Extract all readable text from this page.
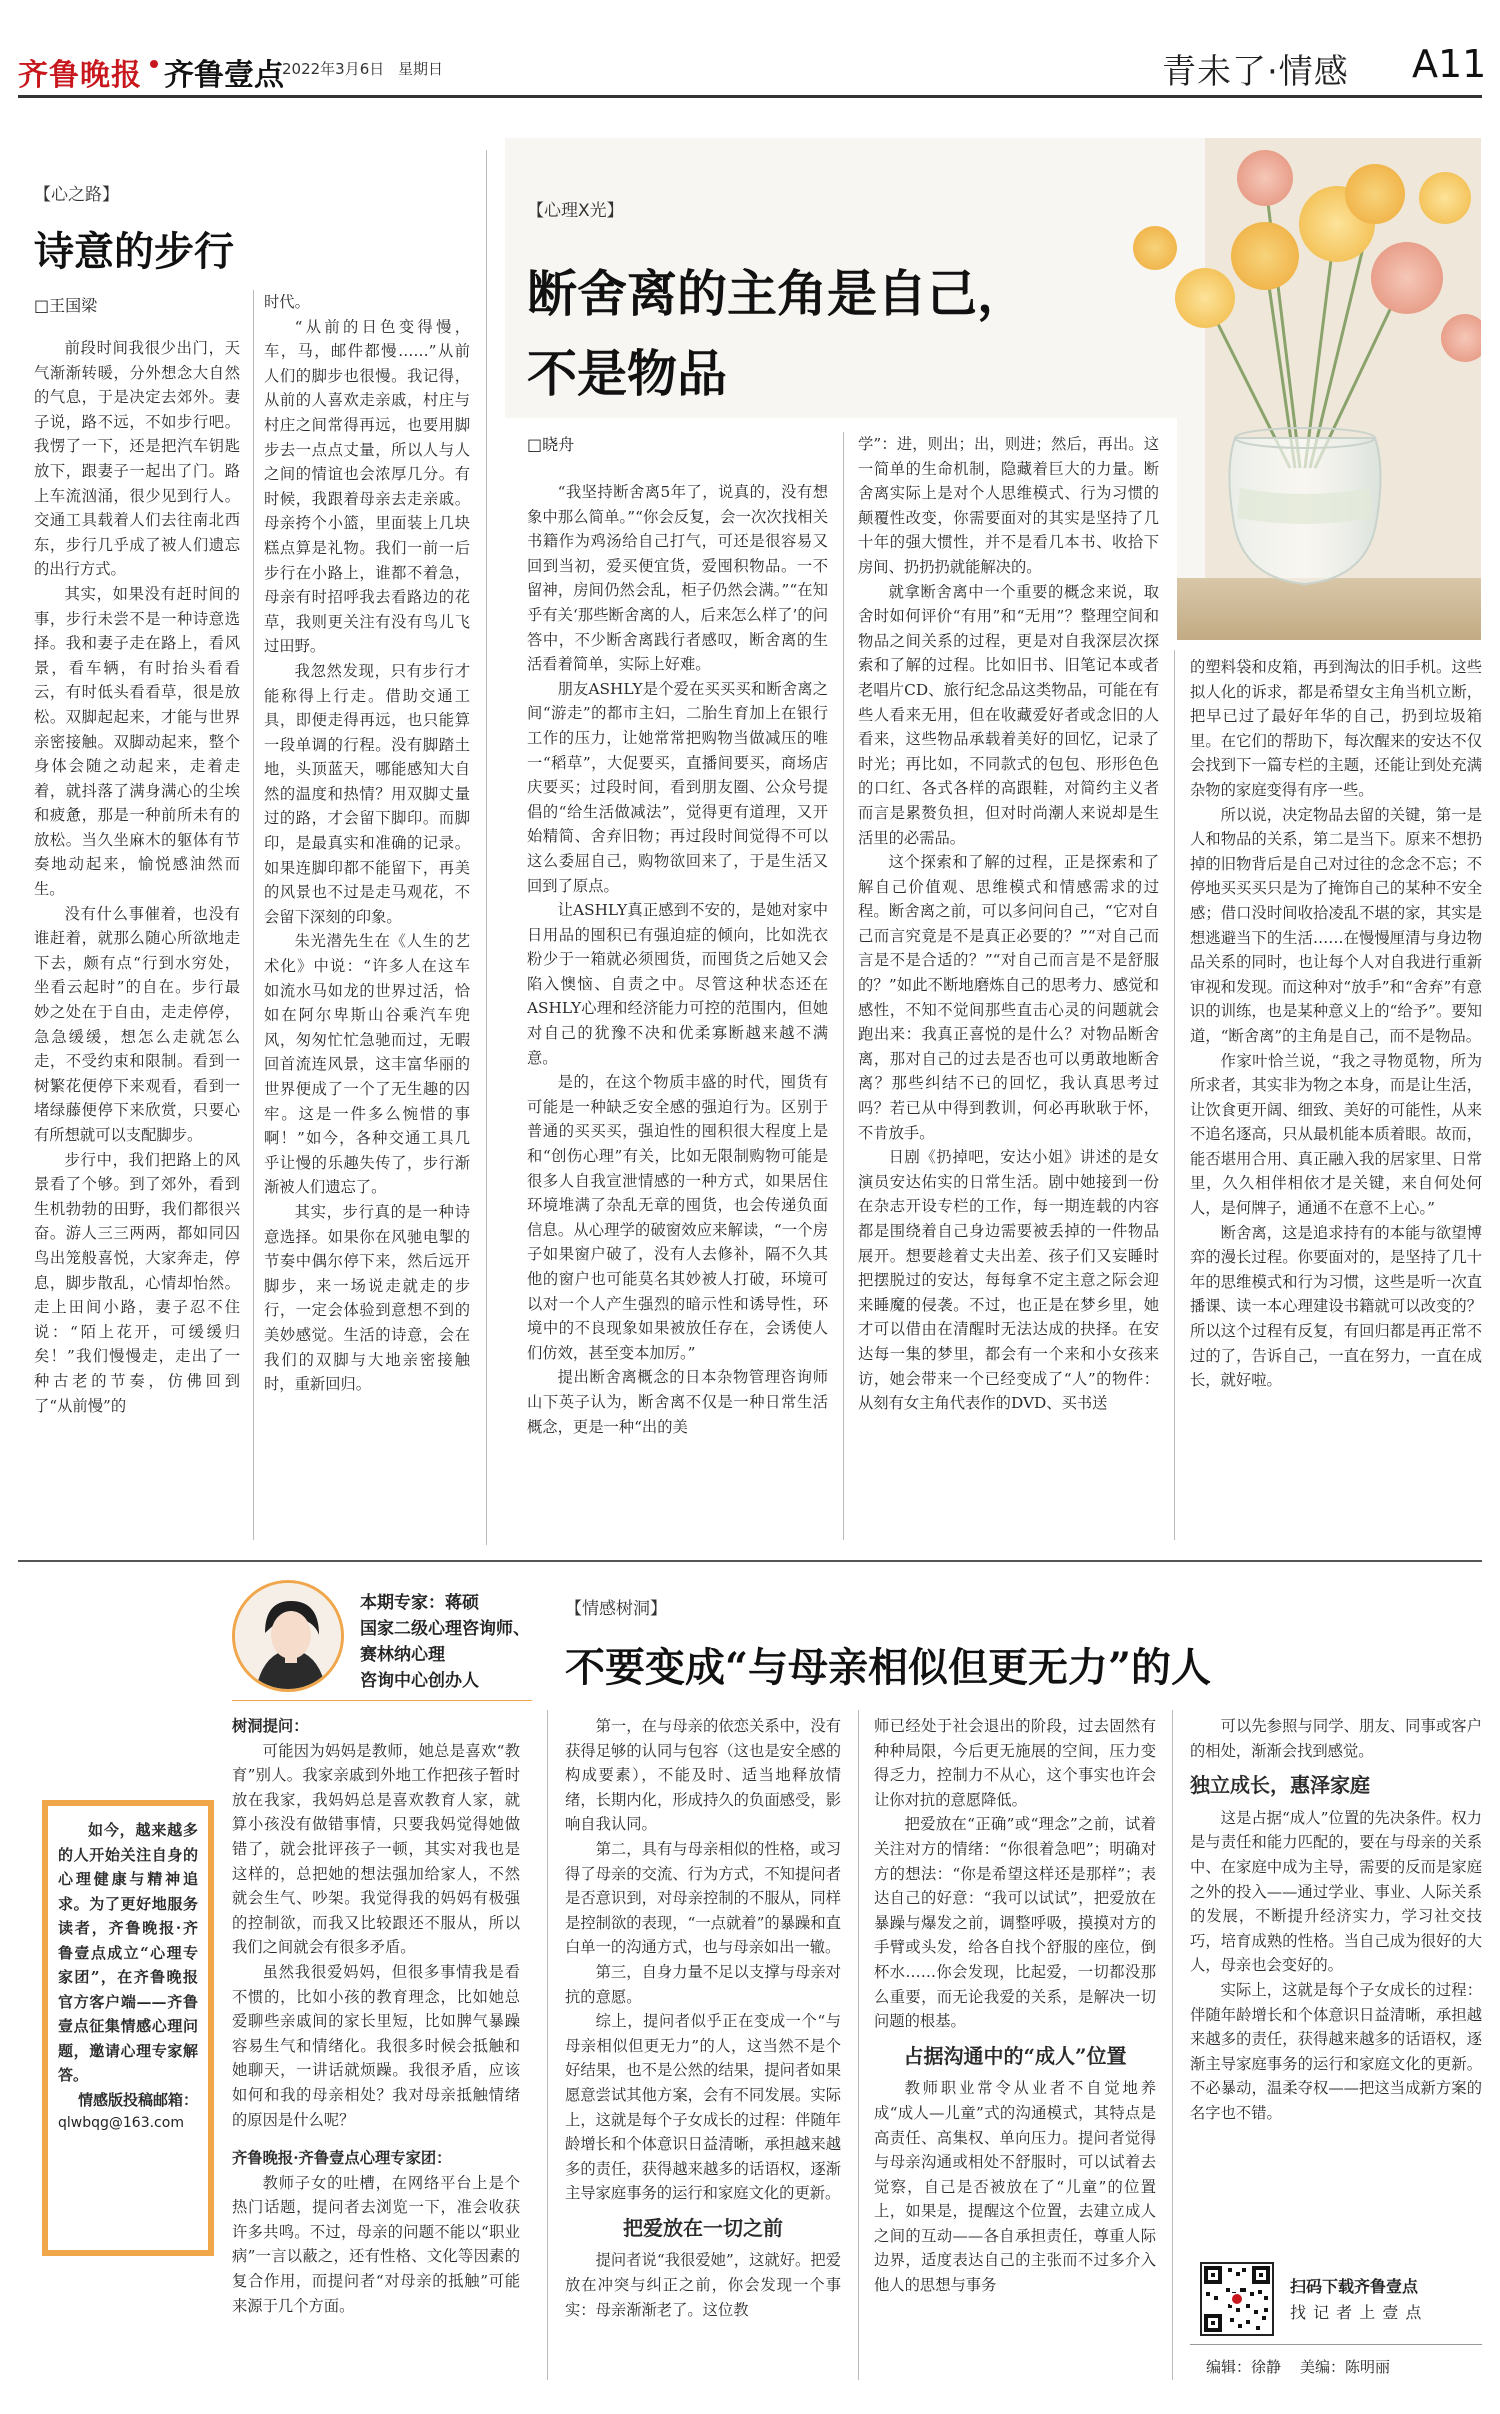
齐鲁晚报 齐鲁壹点
2022年3月6日 星期日	青未了·情感 A11
【心之路】
诗意的步行
□王国梁

前段时间我很少出门，天气渐渐转暖，分外想念大自然的气息，于是决定去郊外。妻子说，路不远，不如步行吧。我愣了一下，还是把汽车钥匙放下，跟妻子一起出了门。路上车流汹涌，很少见到行人。交通工具载着人们去往南北西东，步行几乎成了被人们遗忘的出行方式。

其实，如果没有赶时间的事，步行未尝不是一种诗意选择。我和妻子走在路上，看风景，看车辆，有时抬头看看云，有时低头看看草，很是放松。双脚起起来，才能与世界亲密接触。双脚动起来，整个身体会随之动起来，走着走着，就抖落了满身满心的尘埃和疲惫，那是一种前所未有的放松。当久坐麻木的躯体有节奏地动起来，愉悦感油然而生。

没有什么事催着，也没有谁赶着，就那么随心所欲地走下去，颇有点“行到水穷处，坐看云起时”的自在。步行最妙之处在于自由，走走停停，急急缓缓，想怎么走就怎么走，不受约束和限制。看到一树繁花便停下来观看，看到一堵绿藤便停下来欣赏，只要心有所想就可以支配脚步。

步行中，我们把路上的风景看了个够。到了郊外，看到生机勃勃的田野，我们都很兴奋。游人三三两两，都如同囚鸟出笼般喜悦，大家奔走，停息，脚步散乱，心情却怡然。走上田间小路，妻子忍不住说：“陌上花开，可缓缓归矣！”我们慢慢走，走出了一种古老的节奏，仿佛回到了“从前慢”的

时代。

“从前的日色变得慢，车，马，邮件都慢……”从前人们的脚步也很慢。我记得，从前的人喜欢走亲戚，村庄与村庄之间常得再远，也要用脚步去一点点丈量，所以人与人之间的情谊也会浓厚几分。有时候，我跟着母亲去走亲戚。母亲挎个小篮，里面装上几块糕点算是礼物。我们一前一后步行在小路上，谁都不着急，母亲有时招呼我去看路边的花草，我则更关注有没有鸟儿飞过田野。

我忽然发现，只有步行才能称得上行走。借助交通工具，即便走得再远，也只能算一段单调的行程。没有脚踏土地，头顶蓝天，哪能感知大自然的温度和热情？用双脚丈量过的路，才会留下脚印。而脚印，是最真实和准确的记录。如果连脚印都不能留下，再美的风景也不过是走马观花，不会留下深刻的印象。

朱光潜先生在《人生的艺术化》中说：“许多人在这车如流水马如龙的世界过活，恰如在阿尔卑斯山谷乘汽车兜风，匆匆忙忙急驰而过，无暇回首流连风景，这丰富华丽的世界便成了一个了无生趣的囚牢。这是一件多么惋惜的事啊！”如今，各种交通工具几乎让慢的乐趣失传了，步行渐渐被人们遗忘了。

其实，步行真的是一种诗意选择。如果你在风驰电掣的节奏中偶尔停下来，然后远开脚步，来一场说走就走的步行，一定会体验到意想不到的美妙感觉。生活的诗意，会在我们的双脚与大地亲密接触时，重新回归。

【心理X光】
断舍离的主角是自己，
不是物品
□晓舟

“我坚持断舍离5年了，说真的，没有想象中那么简单。”“你会反复，会一次次找相关书籍作为鸡汤给自己打气，可还是很容易又回到当初，爱买便宜货，爱囤积物品。一不留神，房间仍然会乱，柜子仍然会满。”“在知乎有关‘那些断舍离的人，后来怎么样了’的问答中，不少断舍离践行者感叹，断舍离的生活看着简单，实际上好难。

朋友ASHLY是个爱在买买买和断舍离之间“游走”的都市主妇，二胎生育加上在银行工作的压力，让她常常把购物当做减压的唯一“稻草”，大促要买，直播间要买，商场店庆要买；过段时间，看到朋友圈、公众号提倡的“给生活做减法”，觉得更有道理，又开始精简、舍弃旧物；再过段时间觉得不可以这么委屈自己，购物欲回来了，于是生活又回到了原点。

让ASHLY真正感到不安的，是她对家中日用品的囤积已有强迫症的倾向，比如洗衣粉少于一箱就必须囤货，而囤货之后她又会陷入懊恼、自责之中。尽管这种状态还在ASHLY心理和经济能力可控的范围内，但她对自己的犹豫不决和优柔寡断越来越不满意。

是的，在这个物质丰盛的时代，囤货有可能是一种缺乏安全感的强迫行为。区别于普通的买买买，强迫性的囤积很大程度上是和“创伤心理”有关，比如无限制购物可能是很多人自我宣泄情感的一种方式，如果居住环境堆满了杂乱无章的囤货，也会传递负面信息。从心理学的破窗效应来解读，“一个房子如果窗户破了，没有人去修补，隔不久其他的窗户也可能莫名其妙被人打破，环境可以对一个人产生强烈的暗示性和诱导性，环境中的不良现象如果被放任存在，会诱使人们仿效，甚至变本加厉。”

提出断舍离概念的日本杂物管理咨询师山下英子认为，断舍离不仅是一种日常生活概念，更是一种“出的美

学”：进，则出；出，则进；然后，再出。这一简单的生命机制，隐藏着巨大的力量。断舍离实际上是对个人思维模式、行为习惯的颠覆性改变，你需要面对的其实是坚持了几十年的强大惯性，并不是看几本书、收拾下房间、扔扔扔就能解决的。

就拿断舍离中一个重要的概念来说，取舍时如何评价“有用”和“无用”？整理空间和物品之间关系的过程，更是对自我深层次探索和了解的过程。比如旧书、旧笔记本或者老唱片CD、旅行纪念品这类物品，可能在有些人看来无用，但在收藏爱好者或念旧的人看来，这些物品承载着美好的回忆，记录了时光；再比如，不同款式的包包、形形色色的口红、各式各样的高跟鞋，对简约主义者而言是累赘负担，但对时尚潮人来说却是生活里的必需品。

这个探索和了解的过程，正是探索和了解自己价值观、思维模式和情感需求的过程。断舍离之前，可以多问问自己，“它对自己而言究竟是不是真正必要的？”“对自己而言是不是合适的？”“对自己而言是不是舒服的？”如此不断地磨炼自己的思考力、感觉和感性，不知不觉间那些直击心灵的问题就会跑出来：我真正喜悦的是什么？对物品断舍离，那对自己的过去是否也可以勇敢地断舍离？那些纠结不已的回忆，我认真思考过吗？若已从中得到教训，何必再耿耿于怀，不肯放手。

日剧《扔掉吧，安达小姐》讲述的是女演员安达佑实的日常生活。剧中她接到一份在杂志开设专栏的工作，每一期连载的内容都是围绕着自己身边需要被丢掉的一件物品展开。想要趁着丈夫出差、孩子们又妄睡时把摆脱过的安达，每每拿不定主意之际会迎来睡魔的侵袭。不过，也正是在梦乡里，她才可以借由在清醒时无法达成的抉择。在安达每一集的梦里，都会有一个来和小女孩来访，她会带来一个已经变成了“人”的物件：从刻有女主角代表作的DVD、买书送

的塑料袋和皮箱，再到淘汰的旧手机。这些拟人化的诉求，都是希望女主角当机立断，把早已过了最好年华的自己，扔到垃圾箱里。在它们的帮助下，每次醒来的安达不仅会找到下一篇专栏的主题，还能让到处充满杂物的家庭变得有序一些。

所以说，决定物品去留的关键，第一是人和物品的关系，第二是当下。原来不想扔掉的旧物背后是自己对过往的念念不忘；不停地买买买只是为了掩饰自己的某种不安全感；借口没时间收拾凌乱不堪的家，其实是想逃避当下的生活……在慢慢厘清与身边物品关系的同时，也让每个人对自我进行重新审视和发现。而这种对“放手”和“舍弃”有意识的训练，也是某种意义上的“给予”。要知道，“断舍离”的主角是自己，而不是物品。

作家叶恰兰说，“我之寻物觅物，所为所求者，其实非为物之本身，而是让生活，让饮食更开阔、细致、美好的可能性，从来不追名逐高，只从最机能本质着眼。故而，能否堪用合用、真正融入我的居家里、日常里，久久相伴相依才是关键，来自何处何人，是何牌子，通通不在意不上心。”

断舍离，这是追求持有的本能与欲望博弈的漫长过程。你要面对的，是坚持了几十年的思维模式和行为习惯，这些是听一次直播课、读一本心理建设书籍就可以改变的？所以这个过程有反复，有回归都是再正常不过的了，告诉自己，一直在努力，一直在成长，就好啦。

本期专家：蒋硕
国家二级心理咨询师、赛林纳心理
咨询中心创办人
如今，越来越多的人开始关注自身的心理健康与精神追求。为了更好地服务读者，齐鲁晚报·齐鲁壹点成立“心理专家团”，在齐鲁晚报官方客户端——齐鲁壹点征集情感心理问题，邀请心理专家解答。
情感版投稿邮箱：
qlwbqg@163.com
【情感树洞】
不要变成“与母亲相似但更无力”的人
树洞提问：

可能因为妈妈是教师，她总是喜欢“教育”别人。我家亲戚到外地工作把孩子暂时放在我家，我妈妈总是喜欢教育人家，就算小孩没有做错事情，只要我妈觉得她做错了，就会批评孩子一顿，其实对我也是这样的，总把她的想法强加给家人，不然就会生气、吵架。我觉得我的妈妈有极强的控制欲，而我又比较跟还不服从，所以我们之间就会有很多矛盾。

虽然我很爱妈妈，但很多事情我是看不惯的，比如小孩的教育理念，比如她总爱聊些亲戚间的家长里短，比如脾气暴躁容易生气和情绪化。我很多时候会抵触和她聊天，一讲话就烦躁。我很矛盾，应该如何和我的母亲相处？我对母亲抵触情绪的原因是什么呢？

齐鲁晚报·齐鲁壹点心理专家团：

教师子女的吐槽，在网络平台上是个热门话题，提问者去浏览一下，准会收获许多共鸣。不过，母亲的问题不能以“职业病”一言以蔽之，还有性格、文化等因素的复合作用，而提问者“对母亲的抵触”可能来源于几个方面。

第一，在与母亲的依恋关系中，没有获得足够的认同与包容（这也是安全感的构成要素），不能及时、适当地释放情绪，长期内化，形成持久的负面感受，影响自我认同。

第二，具有与母亲相似的性格，或习得了母亲的交流、行为方式，不知提问者是否意识到，对母亲控制的不服从，同样是控制欲的表现，“一点就着”的暴躁和直白单一的沟通方式，也与母亲如出一辙。

第三，自身力量不足以支撑与母亲对抗的意愿。

综上，提问者似乎正在变成一个“与母亲相似但更无力”的人，这当然不是个好结果，也不是公然的结果，提问者如果愿意尝试其他方案，会有不同发展。实际上，这就是每个子女成长的过程：伴随年龄增长和个体意识日益清晰，承担越来越多的责任，获得越来越多的话语权，逐渐主导家庭事务的运行和家庭文化的更新。

把爱放在一切之前

提问者说“我很爱她”，这就好。把爱放在冲突与纠正之前，你会发现一个事实：母亲渐渐老了。这位教

师已经处于社会退出的阶段，过去固然有种种局限，今后更无施展的空间，压力变得乏力，控制力不从心，这个事实也许会让你对抗的意愿降低。

把爱放在“正确”或“理念”之前，试着关注对方的情绪：“你很着急吧”；明确对方的想法：“你是希望这样还是那样”；表达自己的好意：“我可以试试”，把爱放在暴躁与爆发之前，调整呼吸，摸摸对方的手臂或头发，给各自找个舒服的座位，倒杯水……你会发现，比起爱，一切都没那么重要，而无论我爱的关系，是解决一切问题的根基。

占据沟通中的“成人”位置

教师职业常令从业者不自觉地养成“成人—儿童”式的沟通模式，其特点是高责任、高集权、单向压力。提问者觉得与母亲沟通或相处不舒服时，可以试着去觉察，自己是否被放在了“儿童”的位置上，如果是，提醒这个位置，去建立成人之间的互动——各自承担责任，尊重人际边界，适度表达自己的主张而不过多介入他人的思想与事务

可以先参照与同学、朋友、同事或客户的相处，渐渐会找到感觉。

独立成长，惠泽家庭

这是占据“成人”位置的先决条件。权力是与责任和能力匹配的，要在与母亲的关系中、在家庭中成为主导，需要的反而是家庭之外的投入——通过学业、事业、人际关系的发展，不断提升经济实力，学习社交技巧，培育成熟的性格。当自己成为很好的大人，母亲也会变好的。

实际上，这就是每个子女成长的过程：伴随年龄增长和个体意识日益清晰，承担越来越多的责任，获得越来越多的话语权，逐渐主导家庭事务的运行和家庭文化的更新。不必暴动，温柔夺权——把这当成新方案的名字也不错。

扫码下载齐鲁壹点
找 记 者 上 壹 点
编辑：徐静 美编：陈明丽
